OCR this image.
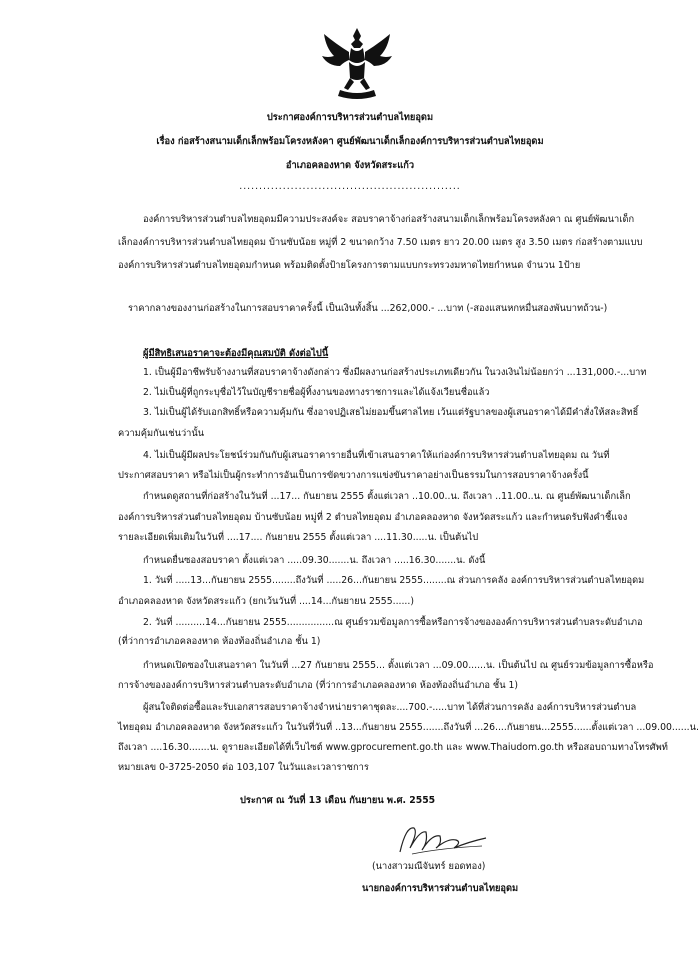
ประกาศองค์การบริหารส่วนตำบลไทยอุดม
เรื่อง ก่อสร้างสนามเด็กเล็กพร้อมโครงหลังคา ศูนย์พัฒนาเด็กเล็กองค์การบริหารส่วนตำบลไทยอุดม
อำเภอคลองหาด จังหวัดสระแก้ว
........................................................
องค์การบริหารส่วนตำบลไทยอุดมมีความประสงค์จะ สอบราคาจ้างก่อสร้างสนามเด็กเล็กพร้อมโครงหลังคา ณ ศูนย์พัฒนาเด็ก
เล็กองค์การบริหารส่วนตำบลไทยอุดม บ้านซับน้อย หมู่ที่ 2 ขนาดกว้าง 7.50 เมตร ยาว 20.00 เมตร สูง 3.50 เมตร ก่อสร้างตามแบบ
องค์การบริหารส่วนตำบลไทยอุดมกำหนด พร้อมติดตั้งป้ายโครงการตามแบบกระทรวงมหาดไทยกำหนด จำนวน 1ป้าย
ราคากลางของงานก่อสร้างในการสอบราคาครั้งนี้ เป็นเงินทั้งสิ้น ...262,000.- ...บาท (-สองแสนหกหมื่นสองพันบาทถ้วน-)
ผู้มีสิทธิเสนอราคาจะต้องมีคุณสมบัติ ดังต่อไปนี้
1. เป็นผู้มีอาชีพรับจ้างงานที่สอบราคาจ้างดังกล่าว ซึ่งมีผลงานก่อสร้างประเภทเดียวกัน ในวงเงินไม่น้อยกว่า ...131,000.-...บาท
2. ไม่เป็นผู้ที่ถูกระบุชื่อไว้ในบัญชีรายชื่อผู้ทิ้งงานของทางราชการและได้แจ้งเวียนชื่อแล้ว
3. ไม่เป็นผู้ได้รับเอกสิทธิ์หรือความคุ้มกัน ซึ่งอาจปฏิเสธไม่ยอมขึ้นศาลไทย เว้นแต่รัฐบาลของผู้เสนอราคาได้มีคำสั่งให้สละสิทธิ์
ความคุ้มกันเช่นว่านั้น
4. ไม่เป็นผู้มีผลประโยชน์ร่วมกันกับผู้เสนอราคารายอื่นที่เข้าเสนอราคาให้แก่องค์การบริหารส่วนตำบลไทยอุดม ณ วันที่
ประกาศสอบราคา หรือไม่เป็นผู้กระทำการอันเป็นการขัดขวางการแข่งขันราคาอย่างเป็นธรรมในการสอบราคาจ้างครั้งนี้
กำหนดดูสถานที่ก่อสร้างในวันที่ ...17... กันยายน 2555 ตั้งแต่เวลา ..10.00..น. ถึงเวลา ..11.00..น. ณ ศูนย์พัฒนาเด็กเล็ก
องค์การบริหารส่วนตำบลไทยอุดม บ้านซับน้อย หมู่ที่ 2 ตำบลไทยอุดม อำเภอคลองหาด จังหวัดสระแก้ว และกำหนดรับฟังคำชี้แจง
รายละเอียดเพิ่มเติมในวันที่ ....17.... กันยายน 2555 ตั้งแต่เวลา ....11.30.....น. เป็นต้นไป
กำหนดยื่นซองสอบราคา ตั้งแต่เวลา .....09.30.......น. ถึงเวลา .....16.30.......น. ดังนี้
1. วันที่ .....13...กันยายน 2555........ถึงวันที่ .....26...กันยายน 2555........ณ ส่วนการคลัง องค์การบริหารส่วนตำบลไทยอุดม
อำเภอคลองหาด จังหวัดสระแก้ว (ยกเว้นวันที่ ....14...กันยายน 2555......)
2. วันที่ ..........14...กันยายน 2555................ณ ศูนย์รวมข้อมูลการซื้อหรือการจ้างขององค์การบริหารส่วนตำบลระดับอำเภอ
(ที่ว่าการอำเภอคลองหาด ห้องท้องถิ่นอำเภอ ชั้น 1)
กำหนดเปิดซองใบเสนอราคา ในวันที่ ...27 กันยายน 2555... ตั้งแต่เวลา ...09.00......น. เป็นต้นไป ณ ศูนย์รวมข้อมูลการซื้อหรือ
การจ้างขององค์การบริหารส่วนตำบลระดับอำเภอ (ที่ว่าการอำเภอคลองหาด ห้องท้องถิ่นอำเภอ ชั้น 1)
ผู้สนใจติดต่อซื้อและรับเอกสารสอบราคาจ้างจำหน่ายราคาชุดละ....700.-.....บาท ได้ที่ส่วนการคลัง องค์การบริหารส่วนตำบล
ไทยอุดม อำเภอคลองหาด จังหวัดสระแก้ว ในวันที่วันที่ ..13...กันยายน 2555.......ถึงวันที่ ...26....กันยายน...2555......ตั้งแต่เวลา ...09.00......น.
ถึงเวลา ....16.30.......น. ดูรายละเอียดได้ที่เว็บไซต์ www.gprocurement.go.th และ www.Thaiudom.go.th หรือสอบถามทางโทรศัพท์
หมายเลข 0-3725-2050 ต่อ 103,107 ในวันและเวลาราชการ
ประกาศ ณ วันที่ 13 เดือน กันยายน พ.ศ. 2555
(นางสาวมณีจันทร์ ยอดทอง)
นายกองค์การบริหารส่วนตำบลไทยอุดม
